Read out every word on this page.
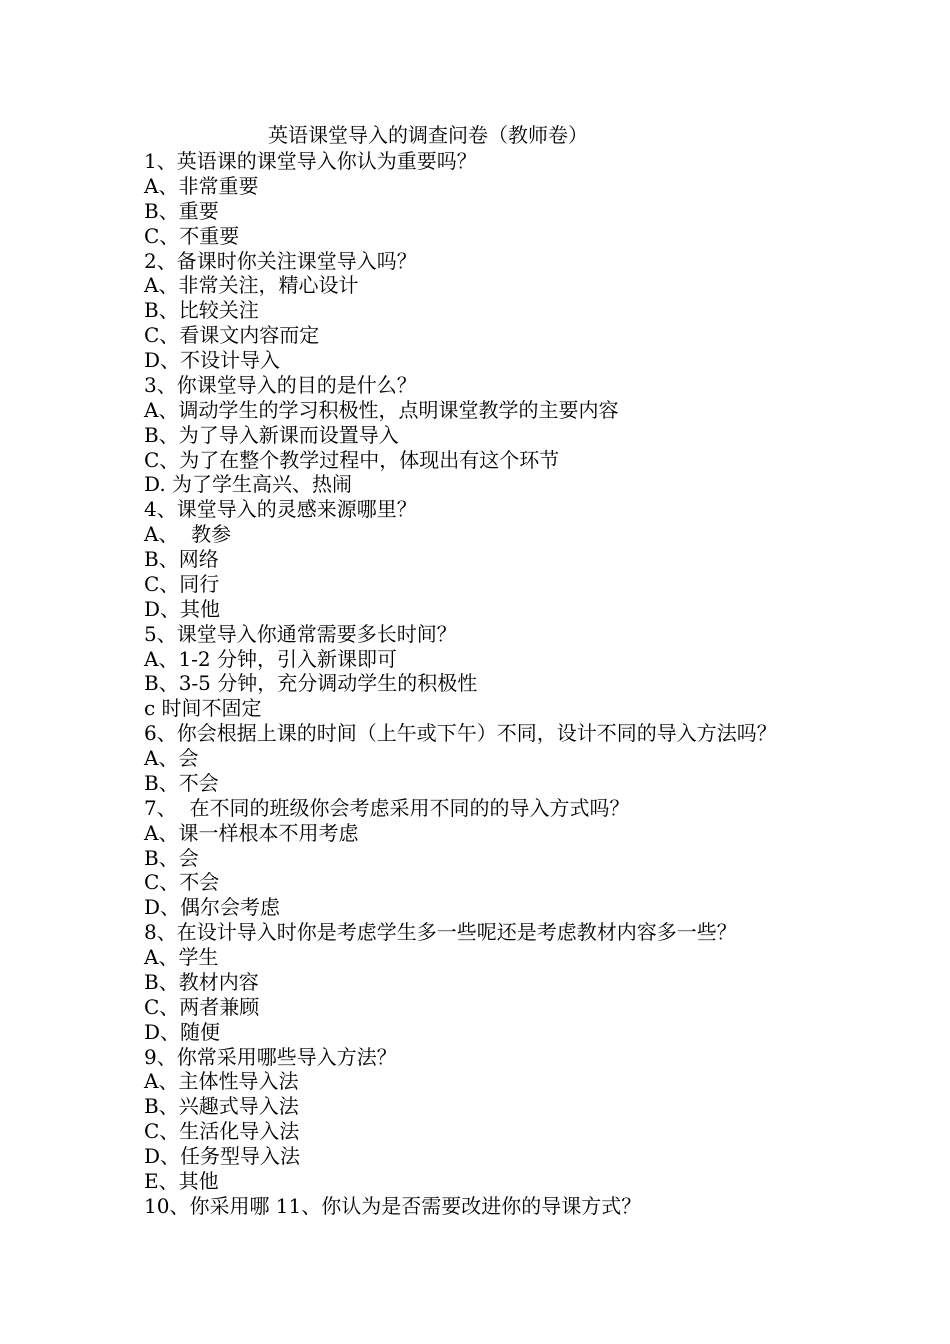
英语课堂导入的调查问卷（教师卷）
1、英语课的课堂导入你认为重要吗？
A、非常重要
B、重要
C、不重要
2、备课时你关注课堂导入吗？
A、非常关注，精心设计
B、比较关注
C、看课文内容而定
D、不设计导入
3、你课堂导入的目的是什么？
A、调动学生的学习积极性，点明课堂教学的主要内容
B、为了导入新课而设置导入
C、为了在整个教学过程中，体现出有这个环节
D. 为了学生高兴、热闹
4、课堂导入的灵感来源哪里？
A、  教参
B、网络
C、同行
D、其他
5、课堂导入你通常需要多长时间？
A、1-2 分钟，引入新课即可
B、3-5 分钟，充分调动学生的积极性
c 时间不固定
6、你会根据上课的时间（上午或下午）不同，设计不同的导入方法吗？
A、会
B、不会
7、  在不同的班级你会考虑采用不同的的导入方式吗？
A、课一样根本不用考虑
B、会
C、不会
D、偶尔会考虑
8、在设计导入时你是考虑学生多一些呢还是考虑教材内容多一些？
A、学生
B、教材内容
C、两者兼顾
D、随便
9、你常采用哪些导入方法？
A、主体性导入法
B、兴趣式导入法
C、生活化导入法
D、任务型导入法
E、其他
10、你采用哪 11、你认为是否需要改进你的导课方式？
